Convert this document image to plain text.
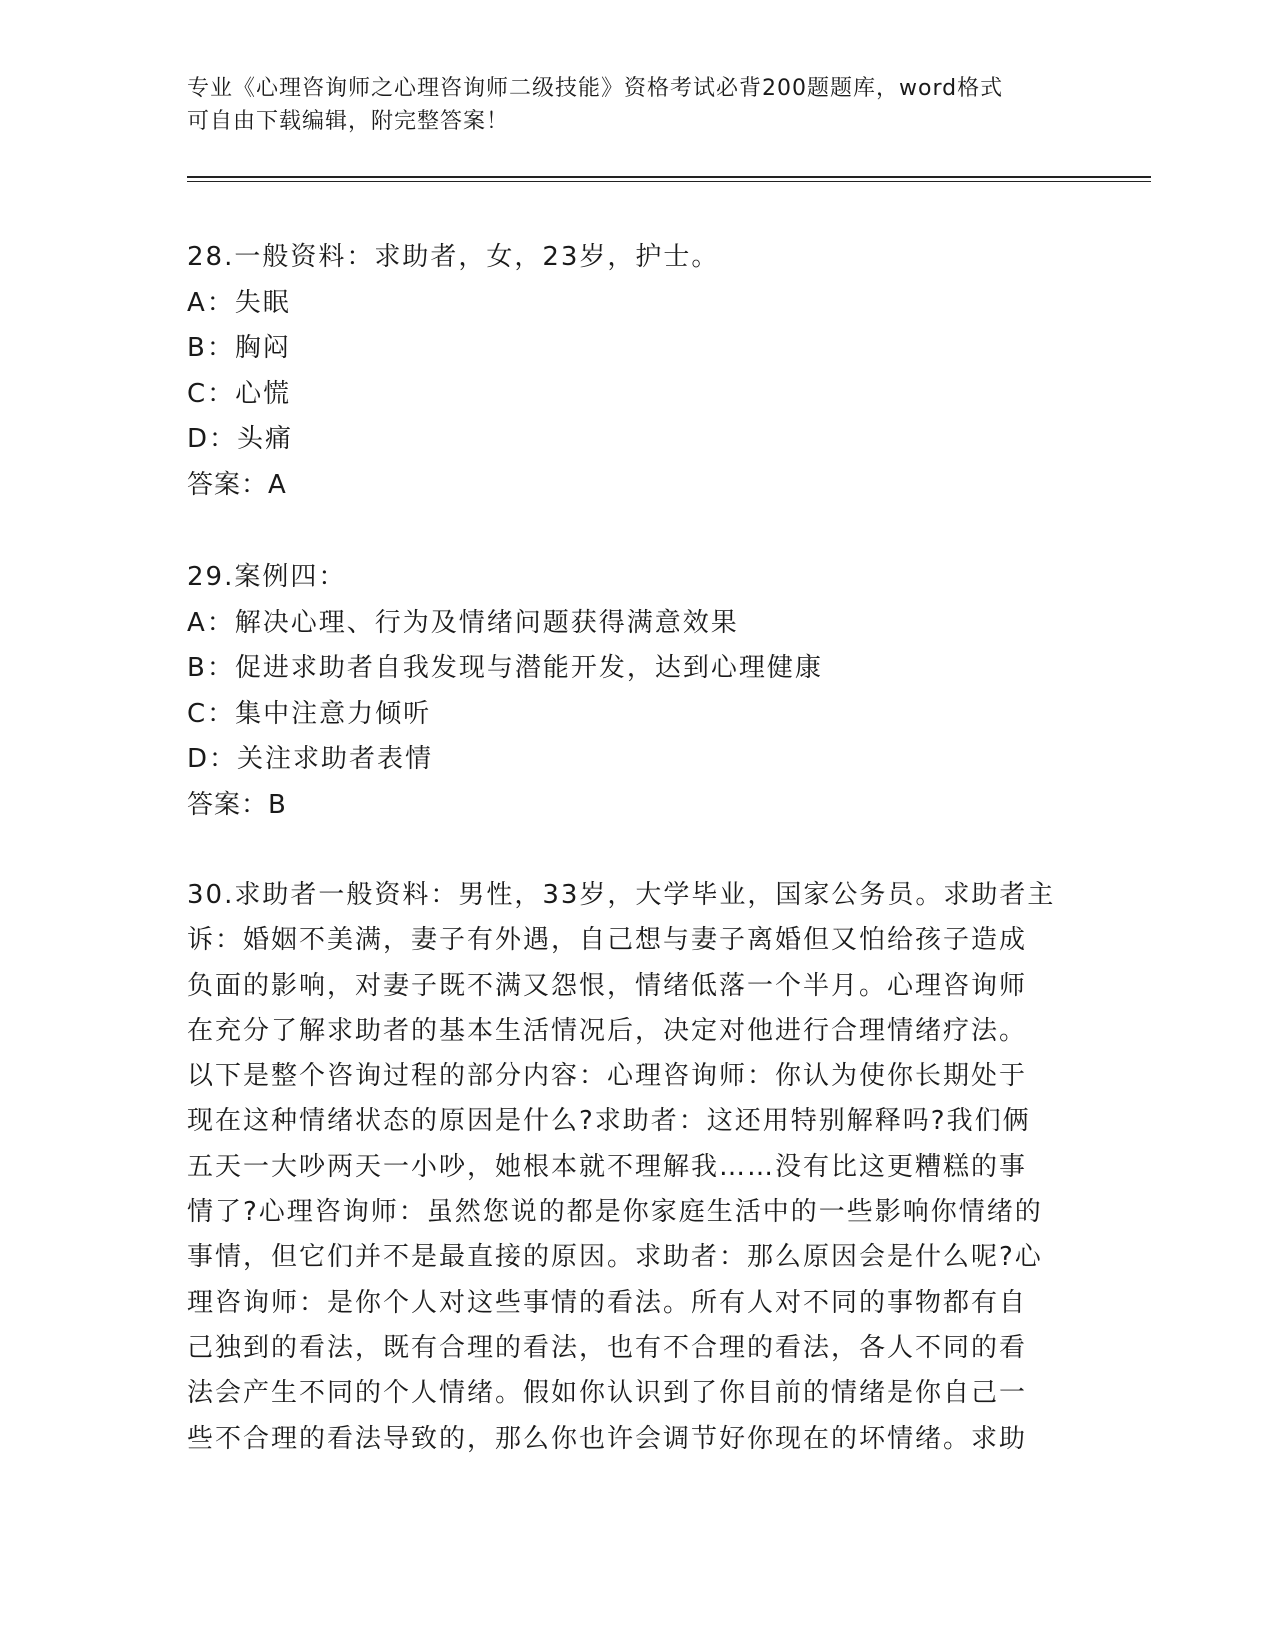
专业《心理咨询师之心理咨询师二级技能》资格考试必背200题题库，word格式
可自由下载编辑，附完整答案！
28.一般资料：求助者，女，23岁，护士。
A：失眠
B：胸闷
C：心慌
D：头痛
答案：A
29.案例四：
A：解决心理、行为及情绪问题获得满意效果
B：促进求助者自我发现与潜能开发，达到心理健康
C：集中注意力倾听
D：关注求助者表情
答案：B
30.求助者一般资料：男性，33岁，大学毕业，国家公务员。求助者主
诉：婚姻不美满，妻子有外遇，自己想与妻子离婚但又怕给孩子造成
负面的影响，对妻子既不满又怨恨，情绪低落一个半月。心理咨询师
在充分了解求助者的基本生活情况后，决定对他进行合理情绪疗法。
以下是整个咨询过程的部分内容：心理咨询师：你认为使你长期处于
现在这种情绪状态的原因是什么?求助者：这还用特别解释吗?我们俩
五天一大吵两天一小吵，她根本就不理解我……没有比这更糟糕的事
情了?心理咨询师：虽然您说的都是你家庭生活中的一些影响你情绪的
事情，但它们并不是最直接的原因。求助者：那么原因会是什么呢?心
理咨询师：是你个人对这些事情的看法。所有人对不同的事物都有自
己独到的看法，既有合理的看法，也有不合理的看法，各人不同的看
法会产生不同的个人情绪。假如你认识到了你目前的情绪是你自己一
些不合理的看法导致的，那么你也许会调节好你现在的坏情绪。求助
